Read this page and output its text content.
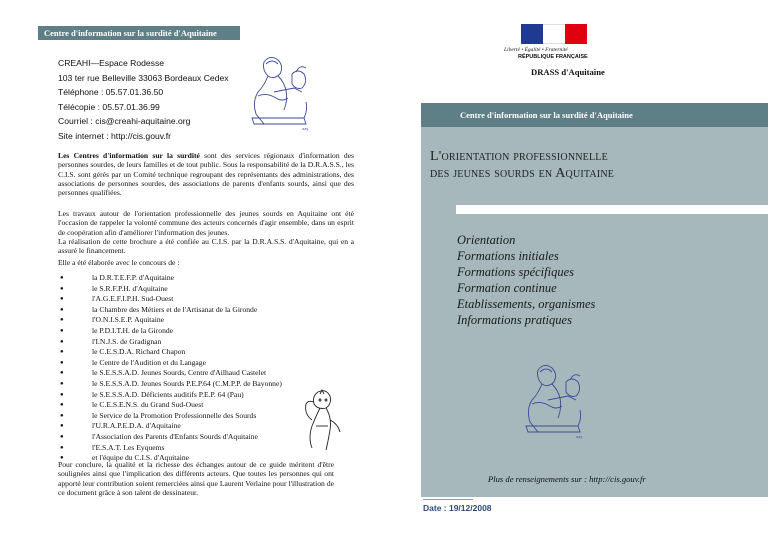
Centre d'information sur la surdité d'Aquitaine
ozy
CREAHI—Espace Rodesse
103 ter rue Belleville 33063 Bordeaux Cedex
Téléphone : 05.57.01.36.50
Télécopie : 05.57.01.36.99
Courriel : cis@creahi-aquitaine.org
Site internet : http://cis.gouv.fr
Les Centres d'information sur la surdité sont des services régionaux d'information des personnes sourdes, de leurs familles et de tout public. Sous la responsabilité de la D.R.A.S.S., les C.I.S. sont gérés par un Comité technique regroupant des représentants des administrations, des associations de personnes sourdes, des associations de parents d'enfants sourds, ainsi que des personnes qualifiées.
Les travaux autour de l'orientation professionnelle des jeunes sourds en Aquitaine ont été l'occasion de rappeler la volonté commune des acteurs concernés d'agir ensemble, dans un esprit de coopération afin d'améliorer l'information des jeunes.
La réalisation de cette brochure a été confiée au C.I.S. par la D.R.A.S.S. d'Aquitaine, qui en a assuré le financement.
Elle a été élaborée avec le concours de :
● la D.R.T.E.F.P. d'Aquitaine
● le S.R.F.P.H. d'Aquitaine
● l'A.G.E.F.I.P.H. Sud-Ouest
● la Chambre des Métiers et de l'Artisanat de la Gironde
● l'O.N.I.S.E.P. Aquitaine
● le P.D.I.T.H. de la Gironde
● l'I.N.J.S. de Gradignan
● le C.E.S.D.A. Richard Chapon
● le Centre de l'Audition et du Langage
● le S.E.S.S.A.D. Jeunes Sourds, Centre d'Ailhaud Castelet
● le S.E.S.S.A.D. Jeunes Sourds P.E.P.64 (C.M.P.P. de Bayonne)
● le S.E.S.S.A.D. Déficients auditifs P.E.P. 64 (Pau)
● le C.E.S.E.N.S. du Grand Sud-Ouest
● le Service de la Promotion Professionnelle des Sourds
● l'U.R.A.P.E.D.A. d'Aquitaine
● l'Association des Parents d'Enfants Sourds d'Aquitaine
● l'E.S.A.T. Les Eyquems
● et l'équipe du C.I.S. d'Aquitaine
Pour conclure, la qualité et la richesse des échanges autour de ce guide méritent d'être soulignées ainsi que l'implication des différents acteurs. Que toutes les personnes qui ont apporté leur contribution soient remerciées ainsi que Laurent Verlaine pour l'illustration de ce document grâce à son talent de dessinateur.
Liberté • Égalité • Fraternité
RÉPUBLIQUE FRANÇAISE
DRASS d'Aquitaine
Centre d'information sur la surdité d'Aquitaine
L'orientation professionnelle
des jeunes sourds en Aquitaine
Orientation
Formations initiales
Formations spécifiques
Formation continue
Etablissements, organismes
Informations pratiques
ozy
Plus de renseignements sur : http://cis.gouv.fr
Date : 19/12/2008
